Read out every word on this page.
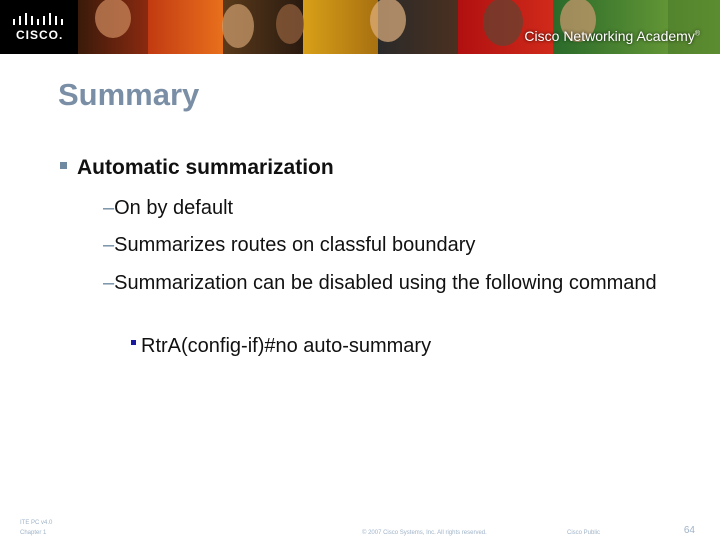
CISCO.	Cisco Networking Academy®
Summary
Automatic summarization
–On by default
–Summarizes routes on classful boundary
–Summarization can be disabled using the following command
RtrA(config-if)#no auto-summary
ITE PC v4.0
Chapter 1	© 2007 Cisco Systems, Inc. All rights reserved.	Cisco Public	64
